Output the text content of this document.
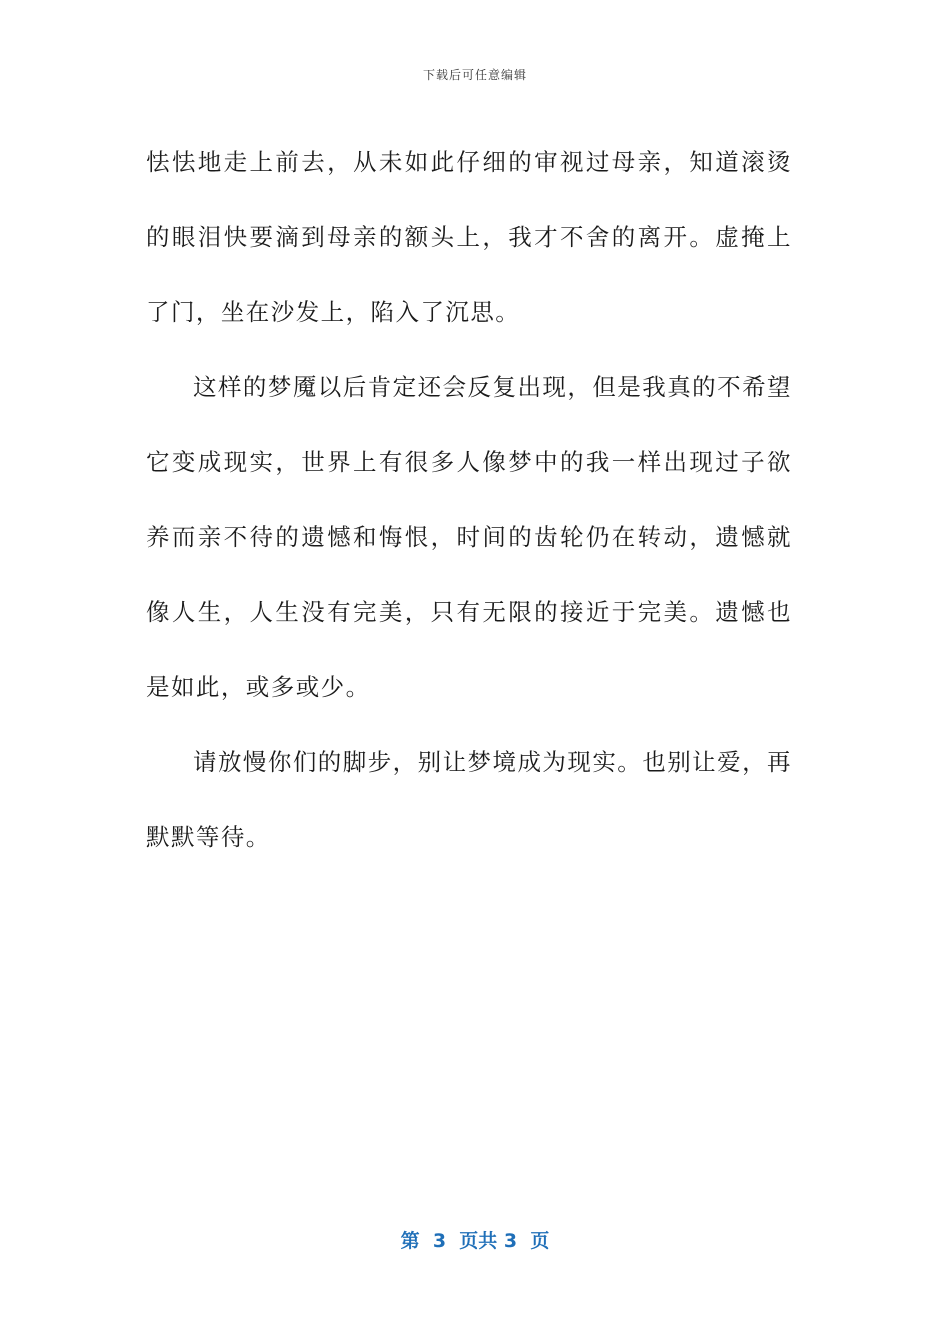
下载后可任意编辑

怯怯地走上前去，从未如此仔细的审视过母亲，知道滚烫的眼泪快要滴到母亲的额头上，我才不舍的离开。虚掩上了门，坐在沙发上，陷入了沉思。

这样的梦魇以后肯定还会反复出现，但是我真的不希望它变成现实，世界上有很多人像梦中的我一样出现过子欲养而亲不待的遗憾和悔恨，时间的齿轮仍在转动，遗憾就像人生，人生没有完美，只有无限的接近于完美。遗憾也是如此，或多或少。

请放慢你们的脚步，别让梦境成为现实。也别让爱，再默默等待。

第  3  页共 3  页
